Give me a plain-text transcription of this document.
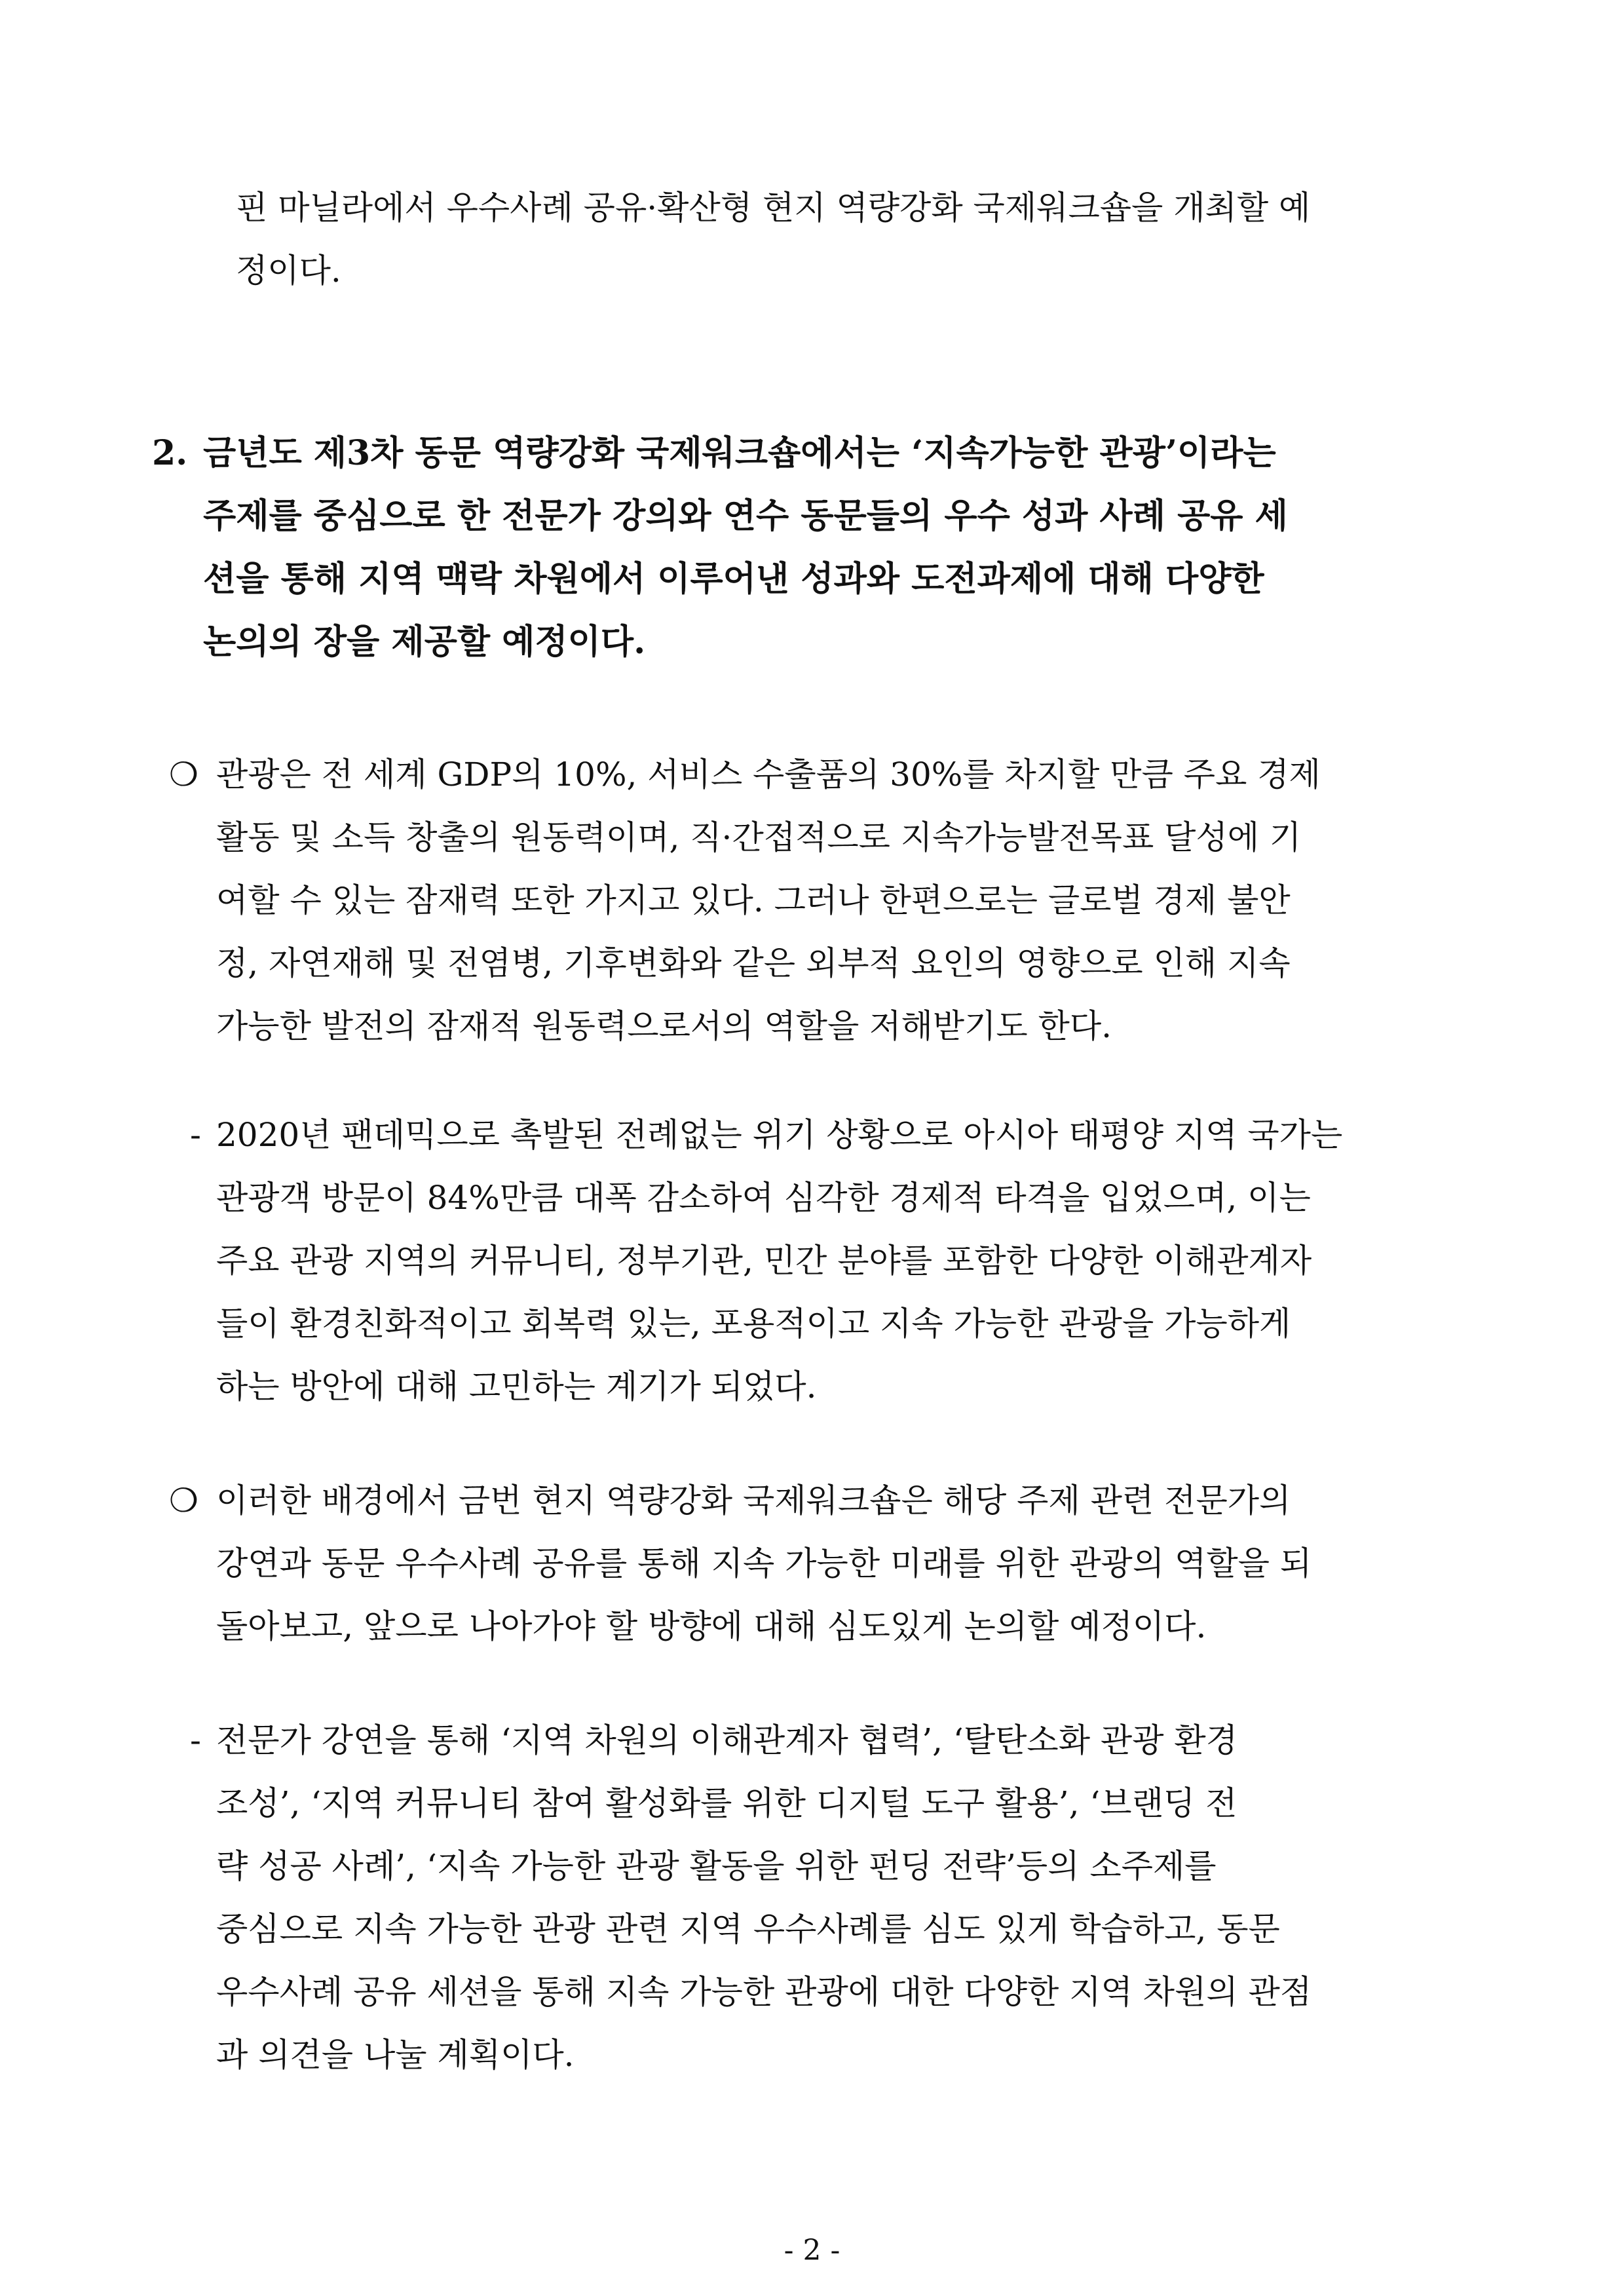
핀 마닐라에서 우수사례 공유·확산형 현지 역량강화 국제워크숍을 개최할 예
정이다.
2. 금년도 제3차 동문 역량강화 국제워크숍에서는 ‘지속가능한 관광’이라는
주제를 중심으로 한 전문가 강의와 연수 동문들의 우수 성과 사례 공유 세
션을 통해 지역 맥락 차원에서 이루어낸 성과와 도전과제에 대해 다양한
논의의 장을 제공할 예정이다.
❍ 관광은 전 세계 GDP의 10%, 서비스 수출품의 30%를 차지할 만큼 주요 경제
활동 및 소득 창출의 원동력이며, 직·간접적으로 지속가능발전목표 달성에 기
여할 수 있는 잠재력 또한 가지고 있다. 그러나 한편으로는 글로벌 경제 불안
정, 자연재해 및 전염병, 기후변화와 같은 외부적 요인의 영향으로 인해 지속
가능한 발전의 잠재적 원동력으로서의 역할을 저해받기도 한다.
- 2020년 팬데믹으로 촉발된 전례없는 위기 상황으로 아시아 태평양 지역 국가는
관광객 방문이 84%만큼 대폭 감소하여 심각한 경제적 타격을 입었으며, 이는
주요 관광 지역의 커뮤니티, 정부기관, 민간 분야를 포함한 다양한 이해관계자
들이 환경친화적이고 회복력 있는, 포용적이고 지속 가능한 관광을 가능하게
하는 방안에 대해 고민하는 계기가 되었다.
❍ 이러한 배경에서 금번 현지 역량강화 국제워크숍은 해당 주제 관련 전문가의
강연과 동문 우수사례 공유를 통해 지속 가능한 미래를 위한 관광의 역할을 되
돌아보고, 앞으로 나아가야 할 방향에 대해 심도있게 논의할 예정이다.
- 전문가 강연을 통해 ‘지역 차원의 이해관계자 협력’, ‘탈탄소화 관광 환경
조성’, ‘지역 커뮤니티 참여 활성화를 위한 디지털 도구 활용’, ‘브랜딩 전
략 성공 사례’, ‘지속 가능한 관광 활동을 위한 펀딩 전략’등의 소주제를
중심으로 지속 가능한 관광 관련 지역 우수사례를 심도 있게 학습하고, 동문
우수사례 공유 세션을 통해 지속 가능한 관광에 대한 다양한 지역 차원의 관점
과 의견을 나눌 계획이다.
- 2 -
